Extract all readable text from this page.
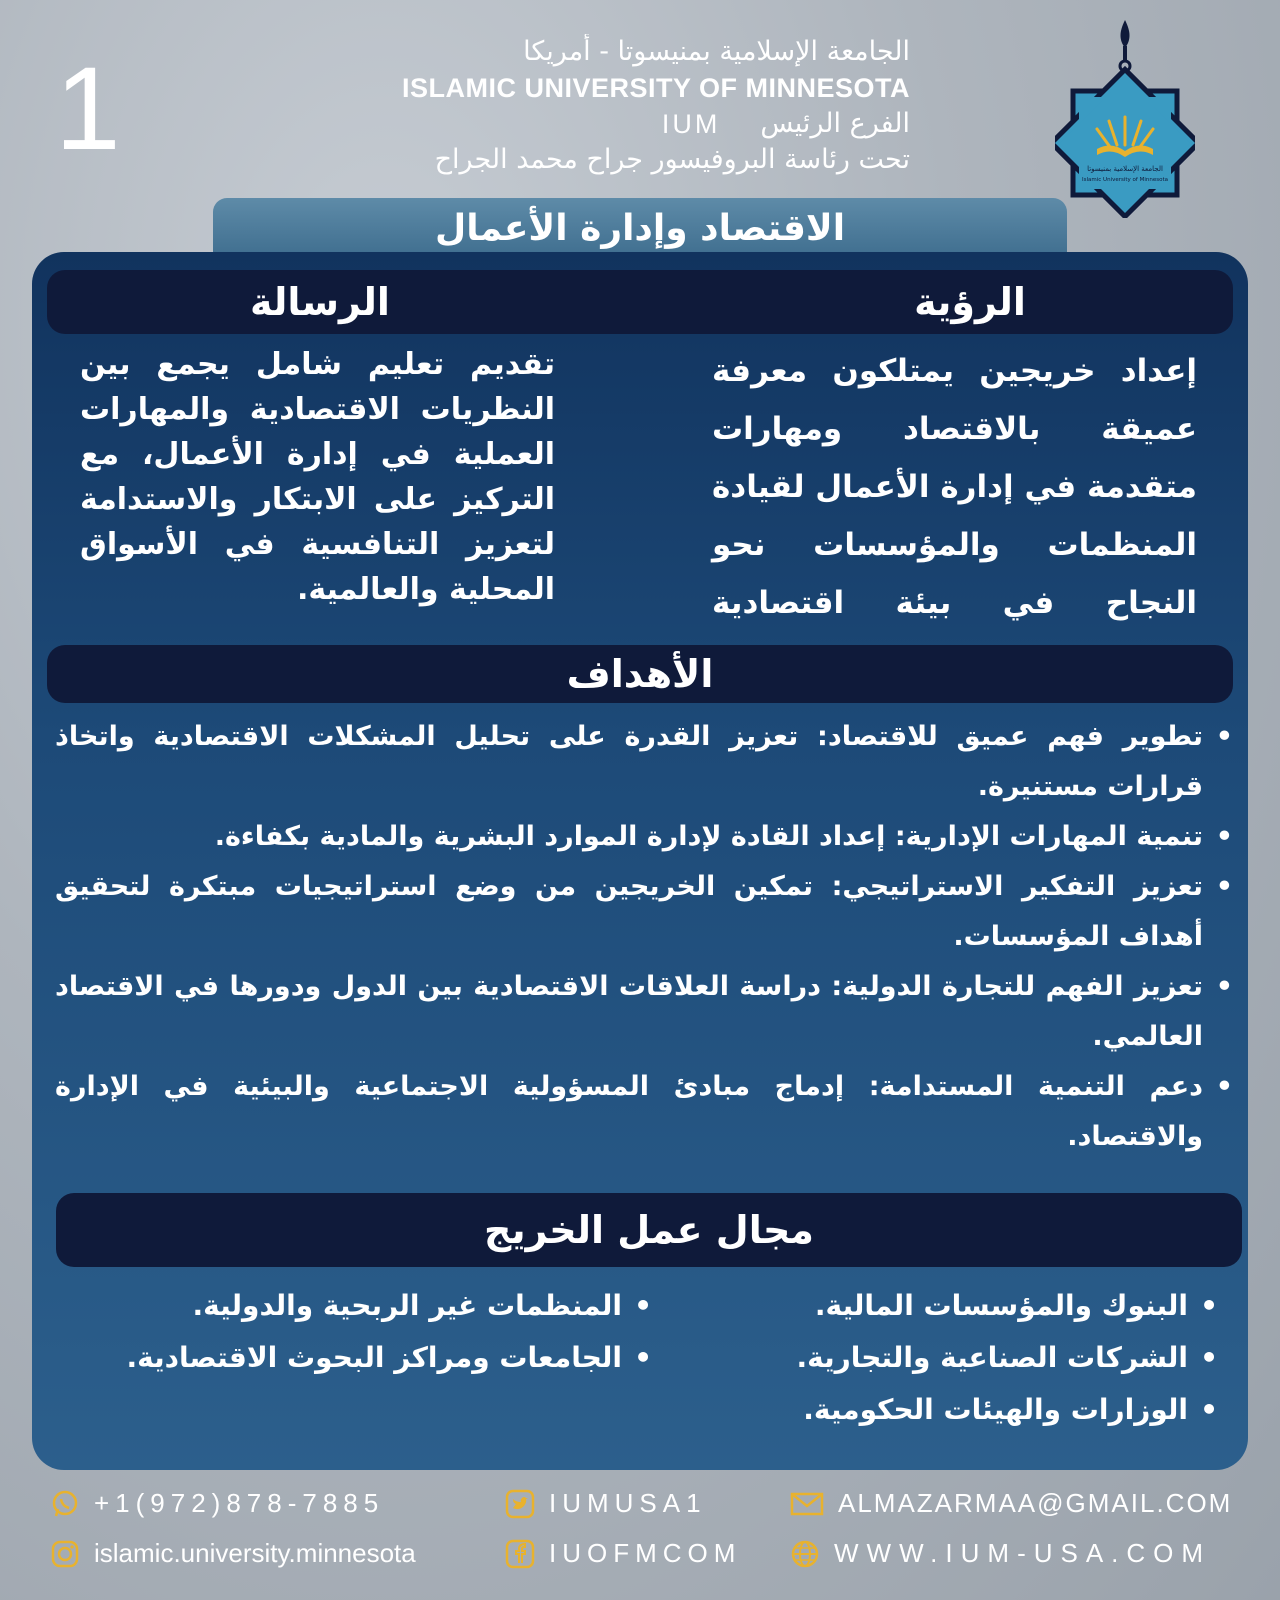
1	الجامعة الإسلامية بمنيسوتا - أمريكا
ISLAMIC UNIVERSITY OF MINNESOTA
IUM الفرع الرئيس
تحت رئاسة البروفيسور جراح محمد الجراح	الجامعة الإسلامية بمنيسوتا
Islamic University of Minnesota
الاقتصاد وإدارة الأعمال
الرؤية
الرسالة
إعداد خريجين يمتلكون معرفة عميقة بالاقتصاد ومهارات متقدمة في إدارة الأعمال لقيادة المنظمات والمؤسسات نحو النجاح في بيئة اقتصادية
تقديم تعليم شامل يجمع بين النظريات الاقتصادية والمهارات العملية في إدارة الأعمال، مع التركيز على الابتكار والاستدامة لتعزيز التنافسية في الأسواق المحلية والعالمية.
الأهداف
• تطوير فهم عميق للاقتصاد: تعزيز القدرة على تحليل المشكلات الاقتصادية واتخاذ قرارات مستنيرة.
• تنمية المهارات الإدارية: إعداد القادة لإدارة الموارد البشرية والمادية بكفاءة.
• تعزيز التفكير الاستراتيجي: تمكين الخريجين من وضع استراتيجيات مبتكرة لتحقيق أهداف المؤسسات.
• تعزيز الفهم للتجارة الدولية: دراسة العلاقات الاقتصادية بين الدول ودورها في الاقتصاد العالمي.
• دعم التنمية المستدامة: إدماج مبادئ المسؤولية الاجتماعية والبيئية في الإدارة والاقتصاد.
مجال عمل الخريج
• البنوك والمؤسسات المالية.
• الشركات الصناعية والتجارية.
• الوزارات والهيئات الحكومية.
• المنظمات غير الربحية والدولية.
• الجامعات ومراكز البحوث الاقتصادية.
+1(972)878-7885
islamic.university.minnesota
IUMUSA1
IUOFMCOM
ALMAZARMAA@GMAIL.COM
WWW.IUM-USA.COM
